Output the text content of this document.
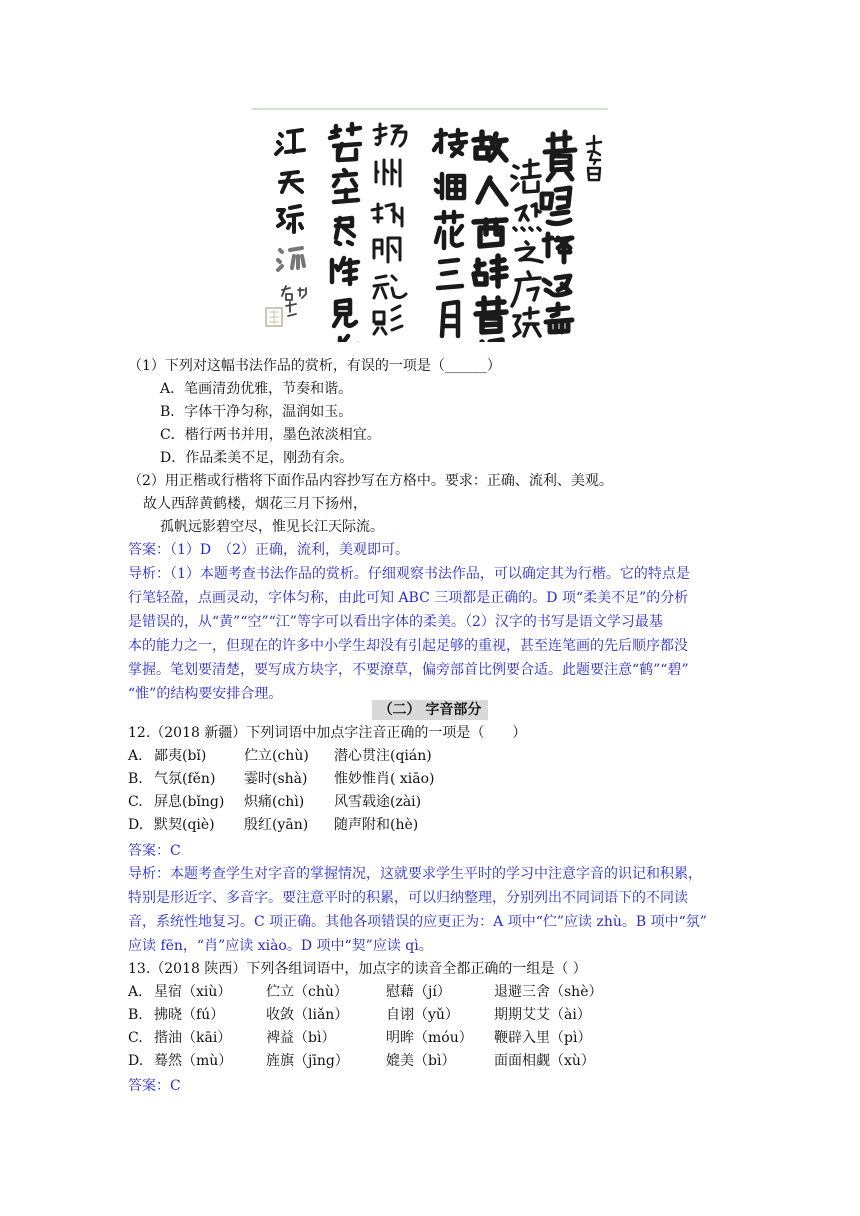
（1）下列对这幅书法作品的赏析，有误的一项是（______）
A．笔画清劲优雅，节奏和谐。
B．字体干净匀称，温润如玉。
C．楷行两书并用，墨色浓淡相宜。
D．作品柔美不足，刚劲有余。
（2）用正楷或行楷将下面作品内容抄写在方格中。要求：正确、流利、美观。
故人西辞黄鹤楼，烟花三月下扬州，
孤帆远影碧空尽，惟见长江天际流。
答案：（1）D　（2）正确，流利，美观即可。
导析：（1）本题考查书法作品的赏析。仔细观察书法作品，可以确定其为行楷。它的特点是
行笔轻盈，点画灵动，字体匀称，由此可知 ABC 三项都是正确的。D 项“柔美不足”的分析
是错误的，从“黄”“空”“江”等字可以看出字体的柔美。（2）汉字的书写是语文学习最基
本的能力之一，但现在的许多中小学生却没有引起足够的重视，甚至连笔画的先后顺序都没
掌握。笔划要清楚，要写成方块字，不要潦草，偏旁部首比例要合适。此题要注意“鹤”“碧”
“惟”的结构要安排合理。
（二） 字音部分
12.（2018 新疆）下列词语中加点字注音正确的一项是（　　）
A. 鄙夷(bǐ)	伫立(chù) 潜心贯注(qián)
B. 气氛(fěn) 霎时(shà) 惟妙惟肖( xiāo)
C. 屏息(bǐng) 炽痛(chì) 风雪载途(zài)
D. 默契(qiè) 殷红(yān) 随声附和(hè)
答案：C
导析：本题考查学生对字音的掌握情况，这就要求学生平时的学习中注意字音的识记和积累，
特别是形近字、多音字。要注意平时的积累，可以归纳整理，分别列出不同词语下的不同读
音，系统性地复习。C 项正确。其他各项错误的应更正为：A 项中“伫”应读 zhù。B 项中“氛”
应读 fēn，“肖”应读 xiào。D 项中“契”应读 qì。
13.（2018 陕西）下列各组词语中，加点字的读音全都正确的一组是（ ）
A. 星宿（xiù） 伫立（chù）	慰藉（jí）	退避三舍（shè）
B. 拂晓（fú）	收敛（liǎn）	自诩（yǔ）	期期艾艾（ài）
C. 揩油（kāi） 裨益（bì）	明眸（móu） 鞭辟入里（pì）
D. 蓦然（mù） 旌旗（jīng）	媲美（bì）	面面相觑（xù）
答案：C
